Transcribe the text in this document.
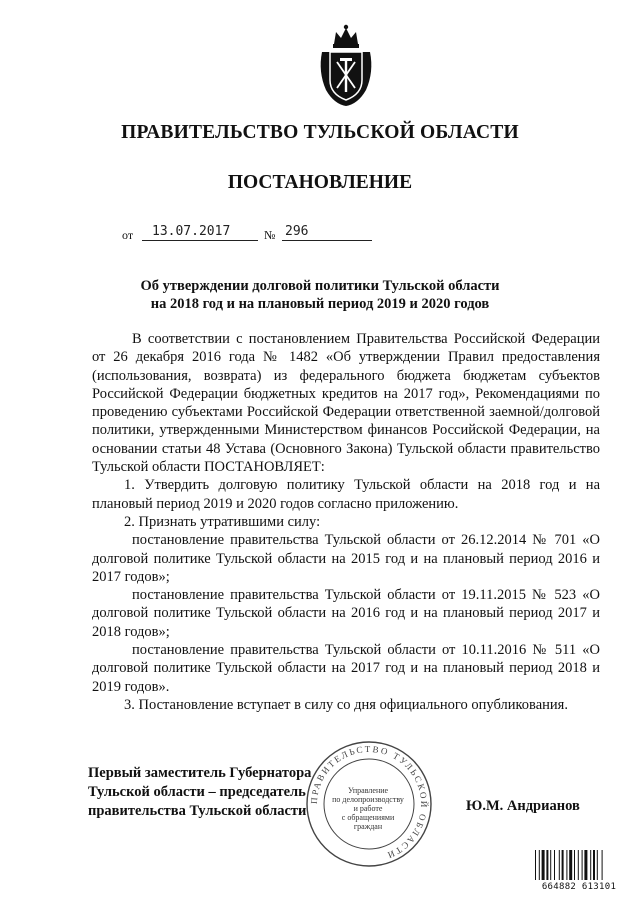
ПРАВИТЕЛЬСТВО ТУЛЬСКОЙ ОБЛАСТИ
ПОСТАНОВЛЕНИЕ
от 13.07.2017	№ 296
Об утверждении долговой политики Тульской области
на 2018 год и на плановый период 2019 и 2020 годов

В соответствии с постановлением Правительства Российской Федерации от 26 декабря 2016 года № 1482 «Об утверждении Правил предоставления (использования, возврата) из федерального бюджета бюджетам субъектов Российской Федерации бюджетных кредитов на 2017 год», Рекомендациями по проведению субъектами Российской Федерации ответственной заемной/долговой политики, утвержденными Министерством финансов Российской Федерации, на основании статьи 48 Устава (Основного Закона) Тульской области правительство Тульской области ПОСТАНОВЛЯЕТ:

1. Утвердить долговую политику Тульской области на 2018 год и на плановый период 2019 и 2020 годов согласно приложению.

2. Признать утратившими силу:

постановление правительства Тульской области от 26.12.2014 № 701 «О долговой политике Тульской области на 2015 год и на плановый период 2016 и 2017 годов»;

постановление правительства Тульской области от 19.11.2015 № 523 «О долговой политике Тульской области на 2016 год и на плановый период 2017 и 2018 годов»;

постановление правительства Тульской области от 10.11.2016 № 511 «О долговой политике Тульской области на 2017 год и на плановый период 2018 и 2019 годов».

3. Постановление вступает в силу со дня официального опубликования.

Первый заместитель Губернатора
Тульской области – председатель
правительства Тульской области	Ю.М. Андрианов
ПРАВИТЕЛЬСТВО ТУЛЬСКОЙ ОБЛАСТИ
Управление
по делопроизводству
и работе
с обращениями
граждан
664882 613101
